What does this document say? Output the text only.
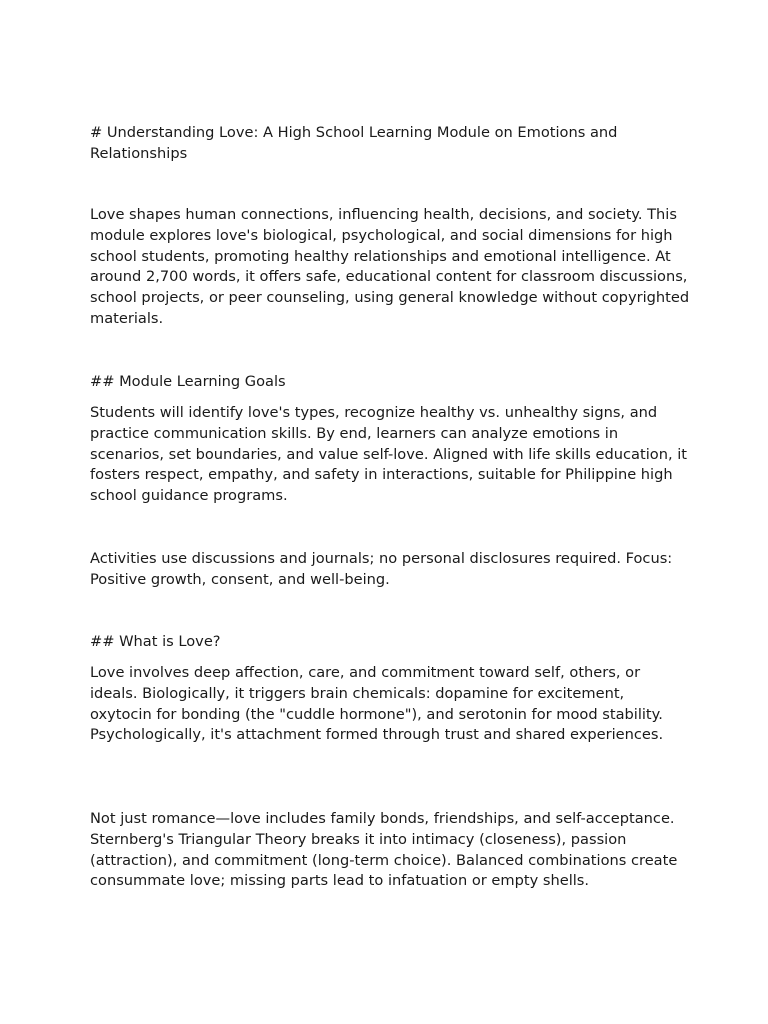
# Understanding Love: A High School Learning Module on Emotions and Relationships

Love shapes human connections, influencing health, decisions, and society. This module explores love's biological, psychological, and social dimensions for high school students, promoting healthy relationships and emotional intelligence. At around 2,700 words, it offers safe, educational content for classroom discussions, school projects, or peer counseling, using general knowledge without copyrighted materials.

## Module Learning Goals

Students will identify love's types, recognize healthy vs. unhealthy signs, and practice communication skills. By end, learners can analyze emotions in scenarios, set boundaries, and value self-love. Aligned with life skills education, it fosters respect, empathy, and safety in interactions, suitable for Philippine high school guidance programs.

Activities use discussions and journals; no personal disclosures required. Focus: Positive growth, consent, and well-being.

## What is Love?

Love involves deep affection, care, and commitment toward self, others, or ideals. Biologically, it triggers brain chemicals: dopamine for excitement, oxytocin for bonding (the "cuddle hormone"), and serotonin for mood stability. Psychologically, it's attachment formed through trust and shared experiences.

Not just romance—love includes family bonds, friendships, and self-acceptance. Sternberg's Triangular Theory breaks it into intimacy (closeness), passion (attraction), and commitment (long-term choice). Balanced combinations create consummate love; missing parts lead to infatuation or empty shells.
